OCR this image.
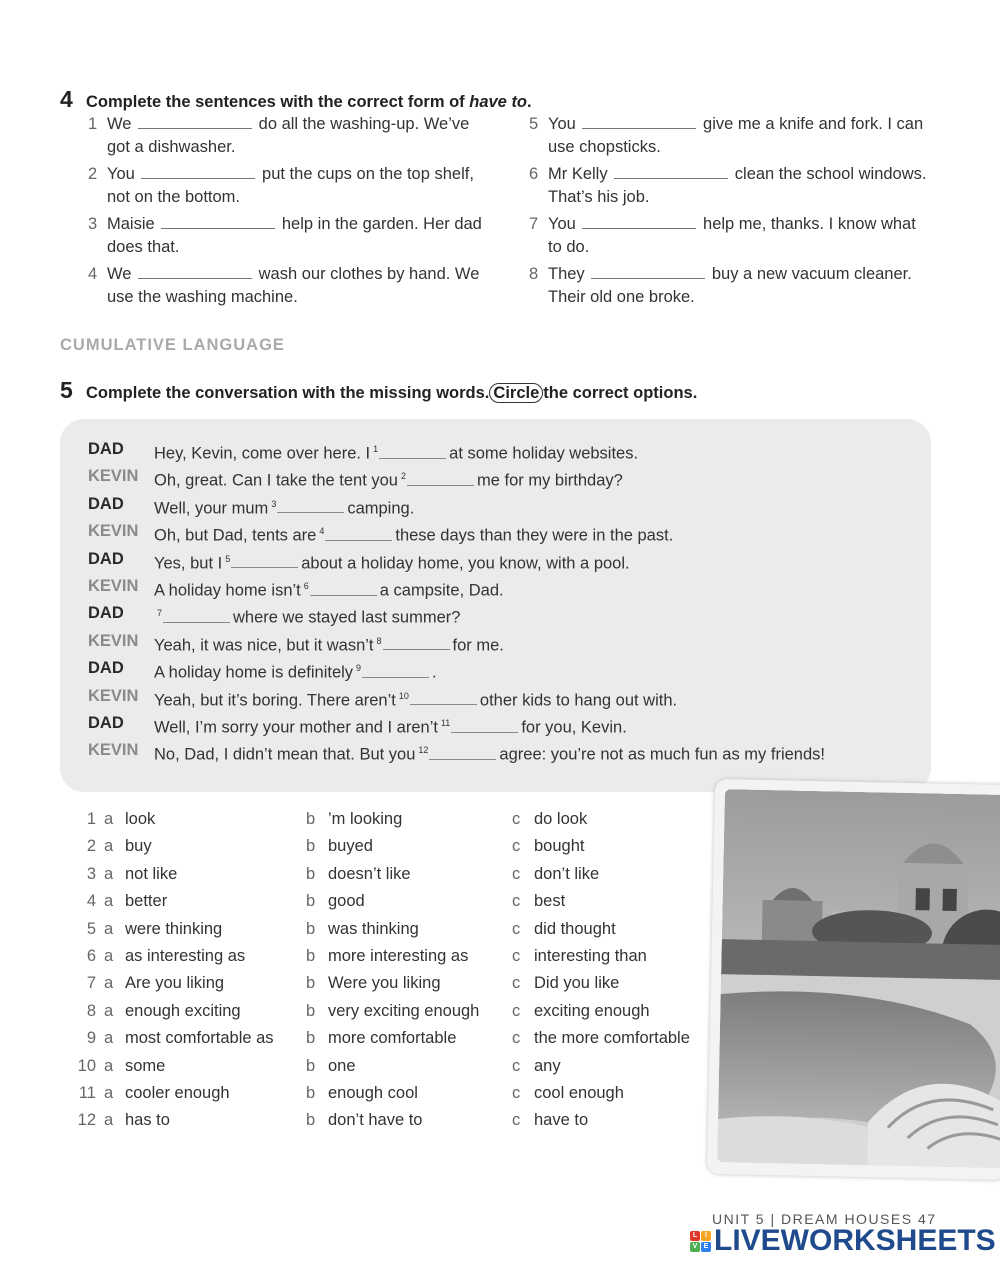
4 Complete the sentences with the correct form of have to.
1 We	do all the washing-up. We’ve
got a dishwasher.
2 You	put the cups on the top shelf,
not on the bottom.
3 Maisie	help in the garden. Her dad
does that.
4 We	wash our clothes by hand. We
use the washing machine.
5 You	give me a knife and fork. I can
use chopsticks.
6 Mr Kelly	clean the school windows.
That’s his job.
7 You	help me, thanks. I know what
to do.
8 They	buy a new vacuum cleaner.
Their old one broke.
CUMULATIVE LANGUAGE
5 Complete the conversation with the missing words. Circle the correct options.
DAD	Hey, Kevin, come over here. I $^1$	at some holiday websites.
KEVIN Oh, great. Can I take the tent you $^2$	me for my birthday?
DAD	Well, your mum $^3$	camping.
KEVIN Oh, but Dad, tents are $^4$	these days than they were in the past.
DAD	Yes, but I $^5$	about a holiday home, you know, with a pool.
KEVIN A holiday home isn’t $^6$	a campsite, Dad.
DAD	$^7$	where we stayed last summer?
KEVIN Yeah, it was nice, but it wasn’t $^8$	for me.
DAD	A holiday home is definitely $^9$	.
KEVIN Yeah, but it’s boring. There aren’t $^{10}$	other kids to hang out with.
DAD	Well, I’m sorry your mother and I aren’t $^{11}$	for you, Kevin.
KEVIN No, Dad, I didn’t mean that. But you $^{12}$	agree: you’re not as much fun as my friends!
1 a look	b ’m looking	c do look
2 a buy	b buyed	c bought
3 a not like	b doesn’t like	c don’t like
4 a better	b good	c best
5 a were thinking	b was thinking	c did thought
6 a as interesting as	b more interesting as	c interesting than
7 a Are you liking	b Were you liking	c Did you like
8 a enough exciting	b very exciting enough c exciting enough
9 a most comfortable as b more comfortable	c the more comfortable
10 a some	b one	c any
11 a cooler enough	b enough cool	c cool enough
12 a has to	b don’t have to	c have to
UNIT 5 | DREAM HOUSES 47
L	I
V E LIVEWORKSHEETS
